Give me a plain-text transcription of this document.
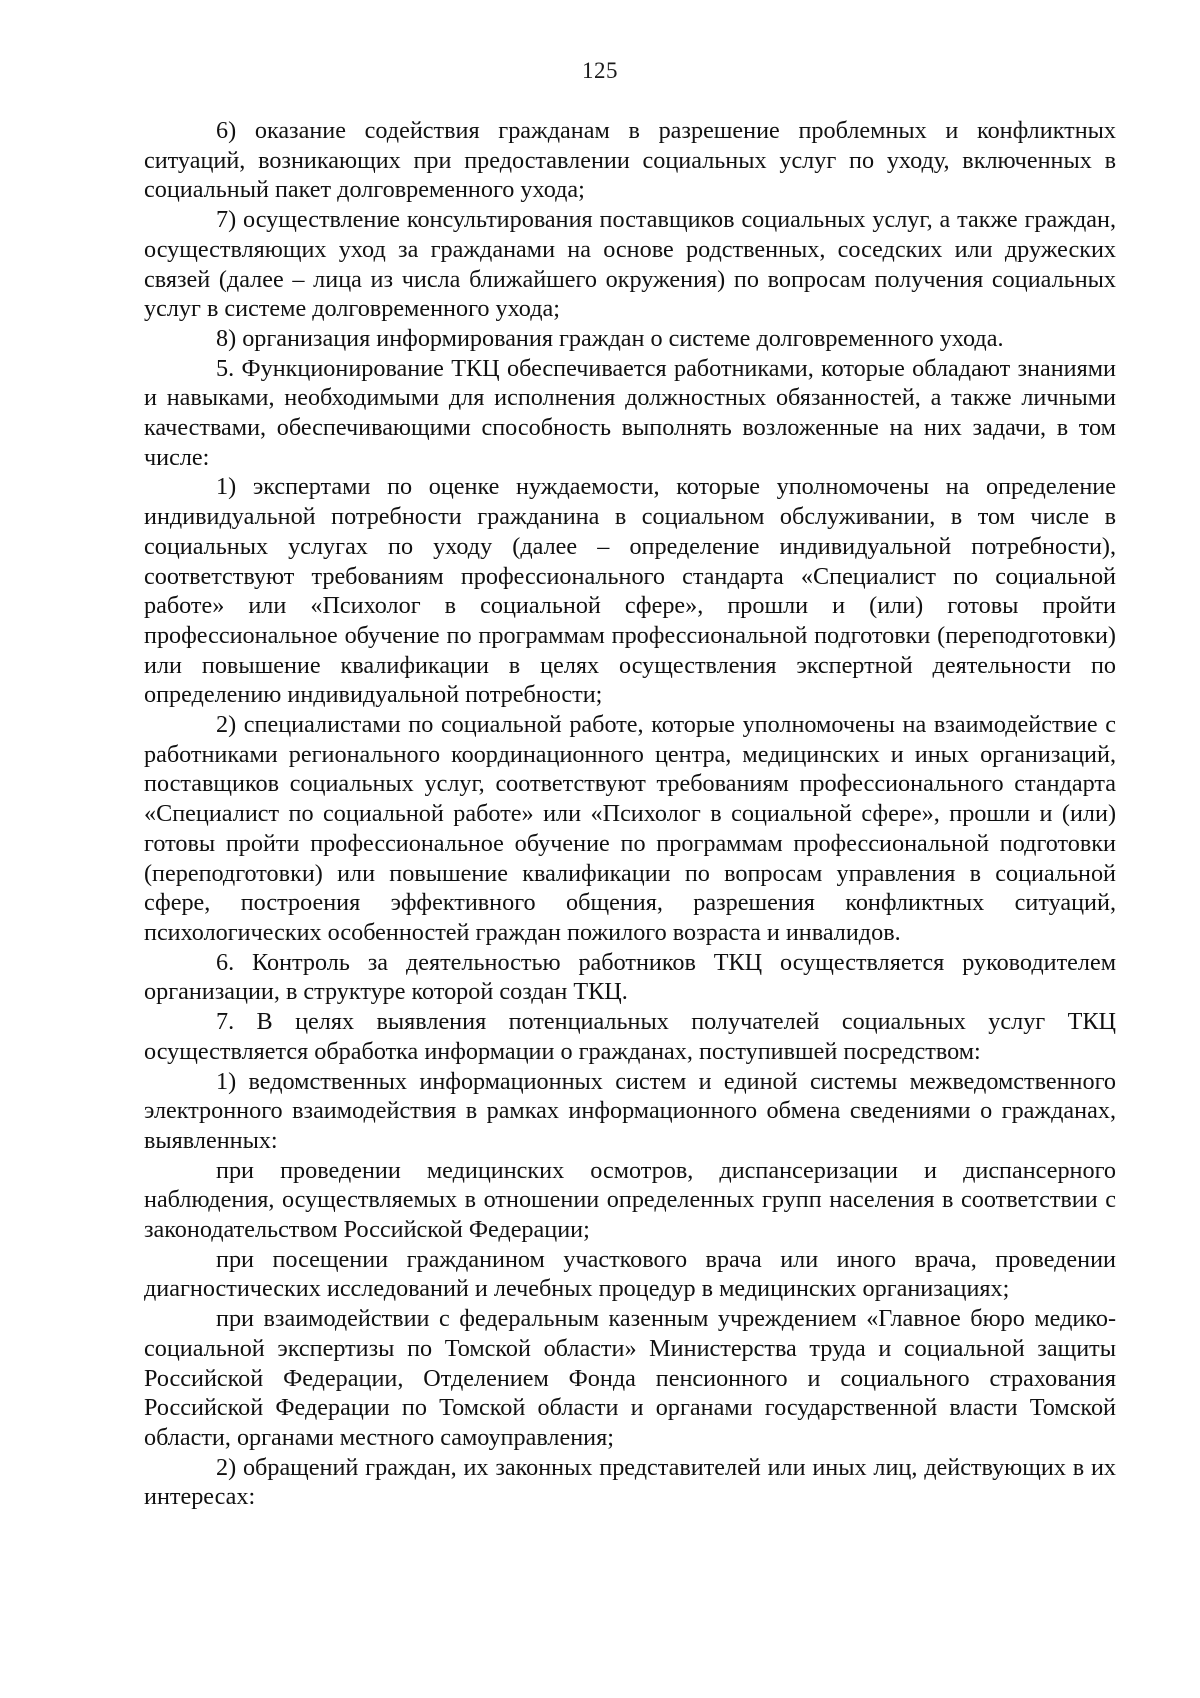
125

6) оказание содействия гражданам в разрешение проблемных и конфликтных ситуаций, возникающих при предоставлении социальных услуг по уходу, включенных в социальный пакет долговременного ухода;

7) осуществление консультирования поставщиков социальных услуг, а также граждан, осуществляющих уход за гражданами на основе родственных, соседских или дружеских связей (далее – лица из числа ближайшего окружения) по вопросам получения социальных услуг в системе долговременного ухода;

8) организация информирования граждан о системе долговременного ухода.

5. Функционирование ТКЦ обеспечивается работниками, которые обладают знаниями и навыками, необходимыми для исполнения должностных обязанностей, а также личными качествами, обеспечивающими способность выполнять возложенные на них задачи, в том числе:

1) экспертами по оценке нуждаемости, которые уполномочены на определение индивидуальной потребности гражданина в социальном обслуживании, в том числе в социальных услугах по уходу (далее – определение индивидуальной потребности), соответствуют требованиям профессионального стандарта «Специалист по социальной работе» или «Психолог в социальной сфере», прошли и (или) готовы пройти профессиональное обучение по программам профессиональной подготовки (переподготовки) или повышение квалификации в целях осуществления экспертной деятельности по определению индивидуальной потребности;

2) специалистами по социальной работе, которые уполномочены на взаимодействие с работниками регионального координационного центра, медицинских и иных организаций, поставщиков социальных услуг, соответствуют требованиям профессионального стандарта «Специалист по социальной работе» или «Психолог в социальной сфере», прошли и (или) готовы пройти профессиональное обучение по программам профессиональной подготовки (переподготовки) или повышение квалификации по вопросам управления в социальной сфере, построения эффективного общения, разрешения конфликтных ситуаций, психологических особенностей граждан пожилого возраста и инвалидов.

6. Контроль за деятельностью работников ТКЦ осуществляется руководителем организации, в структуре которой создан ТКЦ.

7. В целях выявления потенциальных получателей социальных услуг ТКЦ осуществляется обработка информации о гражданах, поступившей посредством:

1) ведомственных информационных систем и единой системы межведомственного электронного взаимодействия в рамках информационного обмена сведениями о гражданах, выявленных:

при проведении медицинских осмотров, диспансеризации и диспансерного наблюдения, осуществляемых в отношении определенных групп населения в соответствии с законодательством Российской Федерации;

при посещении гражданином участкового врача или иного врача, проведении диагностических исследований и лечебных процедур в медицинских организациях;

при взаимодействии с федеральным казенным учреждением «Главное бюро медико-социальной экспертизы по Томской области» Министерства труда и социальной защиты Российской Федерации, Отделением Фонда пенсионного и социального страхования Российской Федерации по Томской области и органами государственной власти Томской области, органами местного самоуправления;

2) обращений граждан, их законных представителей или иных лиц, действующих в их интересах:
